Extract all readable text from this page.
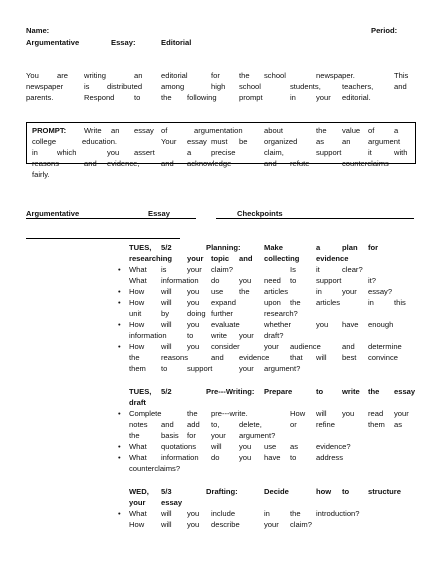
Name:	Period:
Argumentative	Essay:	Editorial
You are writing	an editorial	for	the school	newspaper.	This
newspaper	is distributed among	high school	students,	teachers,	and
parents.	Respond	to	the following	prompt	in	your editorial.
PROMPT: Write an essay of	argumentation	about	the value of	a
college	education.	Your essay must be organized as an argument
in	which	you assert	a	precise	claim,	support	it	with
reasons	and evidence,	and acknowledge	and refute	counterclaims
fairly.
Argumentative	Essay	Checkpoints
TUES, 5/2	Planning:	Make	a	plan for
researching your topic and collecting evidence
• What is	your claim?	Is	it	clear?
What information do	you need to	support	it?
• How will you use the articles	in	your essay?
• How will you expand	upon the articles	in	this
unit	by doing further	research?
• How will you evaluate	whether	you have enough
information	to write your draft?
• How will you consider	your audience	and determine
the	reasons	and evidence	that will best convince
them to	support	your argument?
TUES, 5/2	Pre---Writing: Prepare	to write the essay
draft
• Complete	the pre---write.	How will you read your
notes and add to,	delete,	or	refine	them as
the	basis for your argument?
• What quotations will you use as evidence?
• What information do	you have to	address
counterclaims?
WED, 5/3	Drafting:	Decide	how to structure
your essay
• What will you include	in	the introduction?
How will you describe	your claim?
